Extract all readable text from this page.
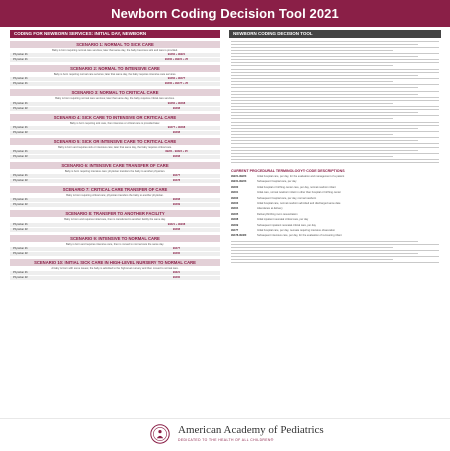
Newborn Coding Decision Tool 2021
CODING FOR NEWBORN SERVICES: INITIAL DAY, NEWBORN
SCENARIO 1: NORMAL TO SICK CARE
Baby is born requiring normal care services; later that same day, the baby becomes sick and care is provided.
Physician #1	99460 + 99221
Physician #1	99460 + 99221 + 25
SCENARIO 2: NORMAL TO INTENSIVE CARE
Baby is born requiring normal care services; later that same day, the baby requires intensive care services.
Physician #1	99460 + 99477
Physician #1	99460 + 99477 + 25
SCENARIO 3: NORMAL TO CRITICAL CARE
Baby is born requiring normal care services; later that same day, the baby requires critical care services.
Physician #1	99460 + 99468
Physician #2	99468
SCENARIO 4: SICK CARE TO INTENSIVE OR CRITICAL CARE
Baby is born requiring sick care, then intensive or critical care is provided later.
Physician #1	99477 + 99468
Physician #2	99468
SCENARIO 5: SICK OR INTENSIVE CARE TO CRITICAL CARE
Baby is born and requires sick or intensive care; later that same day, the baby requires critical care.
Physician #1	99221 - 99223 + 25
Physician #2	99468
SCENARIO 6: INTENSIVE CARE TRANSFER OF CARE
Baby is born requiring intensive care; physician transfers the baby to another physician.
Physician #1	99477
Physician #2	99478
SCENARIO 7: CRITICAL CARE TRANSFER OF CARE
Baby is born requiring critical care; physician transfers the baby to another physician.
Physician #1	99468
Physician #2	99469
SCENARIO 8: TRANSFER TO ANOTHER FACILITY
Baby is born and requires initial care, then is transferred to another facility the same day.
Physician #1	99221 + 99238
Physician #2	99468
SCENARIO 9: INTENSIVE TO NORMAL CARE
Baby is born and requires intensive care, then is moved to normal care the same day.
Physician #1	99477
Physician #2	99460
SCENARIO 10: INITIAL SICK CARE IN HIGH-LEVEL NURSERY TO NORMAL CARE
A baby is born with some issues; the baby is admitted to the high-level nursery and then moved to normal care.
Physician #1	99221
Physician #2	99460
NEWBORN CODING DECISION TOOL
CURRENT PROCEDURAL TERMINOLOGY® CODE DESCRIPTIONS
99221-99223	Initial hospital care, per day, for the evaluation and management of a patient
99231-99233	Subsequent hospital care, per day
99460	Initial hospital or birthing center care, per day, normal newborn infant
99461	Initial care, normal newborn infant in other than hospital or birthing center
99462	Subsequent hospital care, per day, normal newborn
99463	Initial hospital care, normal newborn admitted and discharged same date
99464	Attendance at delivery
99465	Delivery/birthing room resuscitation
99468	Initial inpatient neonatal critical care, per day
99469	Subsequent inpatient neonatal critical care, per day
99477	Initial hospital care, per day, neonate requiring intensive observation
99478-99480	Subsequent intensive care, per day, for the evaluation of recovering infant
American Academy of Pediatrics
DEDICATED TO THE HEALTH OF ALL CHILDREN®
